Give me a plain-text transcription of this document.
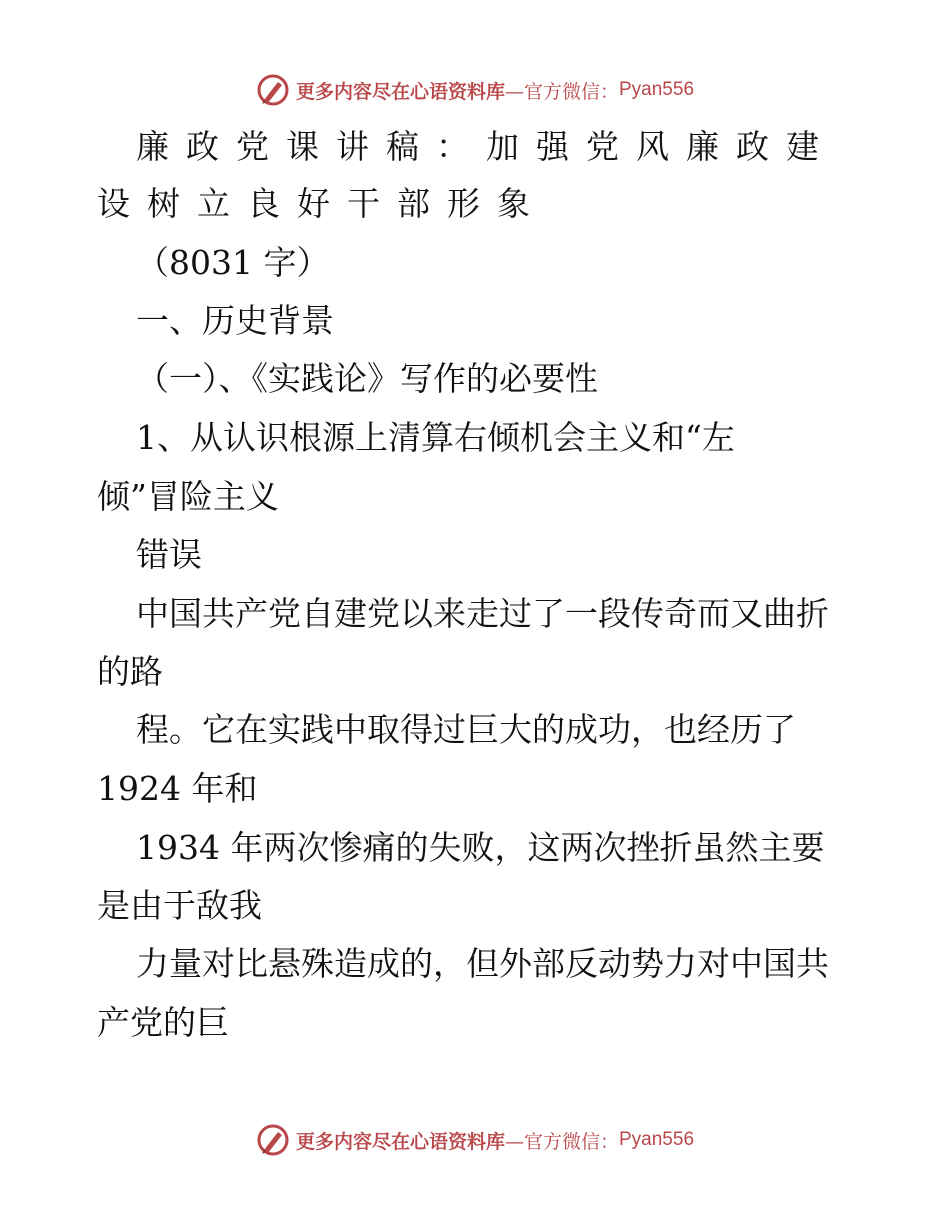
更多内容尽在心语资料库 —官方微信： Pyan556
廉政党课讲稿：加强党风廉政建
设树立良好干部形象
（8031 字）
一、历史背景
（一）、《实践论》写作的必要性
1、从认识根源上清算右倾机会主义和“左
倾”冒险主义
错误
中国共产党自建党以来走过了一段传奇而又曲折
的路
程。它在实践中取得过巨大的成功，也经历了
1924 年和
1934 年两次惨痛的失败，这两次挫折虽然主要
是由于敌我
力量对比悬殊造成的，但外部反动势力对中国共
产党的巨
更多内容尽在心语资料库 —官方微信： Pyan556
